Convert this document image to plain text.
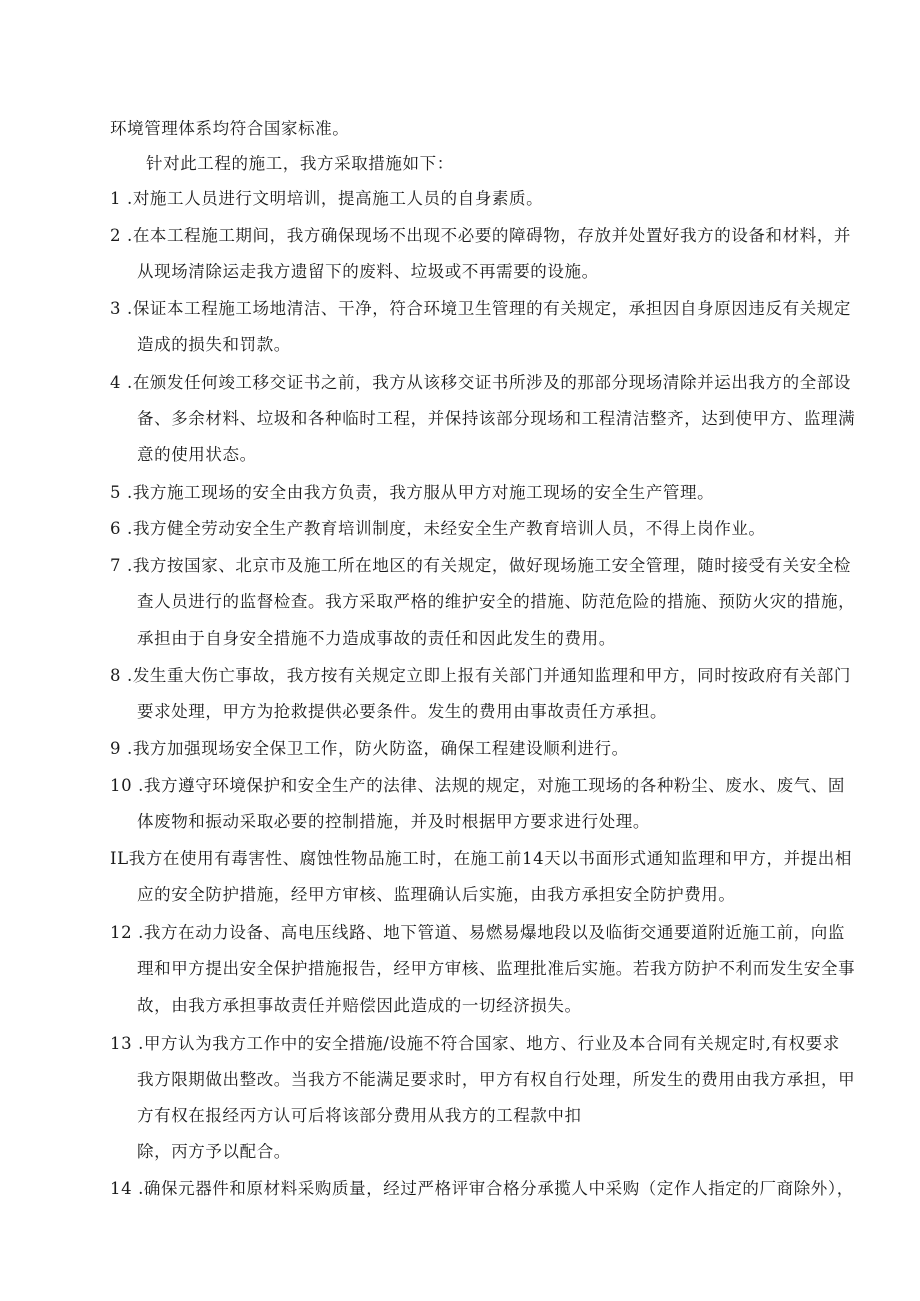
环境管理体系均符合国家标准。
针对此工程的施工，我方采取措施如下：
1 .对施工人员进行文明培训，提高施工人员的自身素质。
2 .在本工程施工期间，我方确保现场不出现不必要的障碍物，存放并处置好我方的设备和材料，并
从现场清除运走我方遗留下的废料、垃圾或不再需要的设施。
3 .保证本工程施工场地清洁、干净，符合环境卫生管理的有关规定，承担因自身原因违反有关规定
造成的损失和罚款。
4 .在颁发任何竣工移交证书之前，我方从该移交证书所涉及的那部分现场清除并运出我方的全部设
备、多余材料、垃圾和各种临时工程，并保持该部分现场和工程清洁整齐，达到使甲方、监理满
意的使用状态。
5 .我方施工现场的安全由我方负责，我方服从甲方对施工现场的安全生产管理。
6 .我方健全劳动安全生产教育培训制度，未经安全生产教育培训人员，不得上岗作业。
7 .我方按国家、北京市及施工所在地区的有关规定，做好现场施工安全管理，随时接受有关安全检
查人员进行的监督检查。我方采取严格的维护安全的措施、防范危险的措施、预防火灾的措施，
承担由于自身安全措施不力造成事故的责任和因此发生的费用。
8 .发生重大伤亡事故，我方按有关规定立即上报有关部门并通知监理和甲方，同时按政府有关部门
要求处理，甲方为抢救提供必要条件。发生的费用由事故责任方承担。
9 .我方加强现场安全保卫工作，防火防盗，确保工程建设顺利进行。
10 .我方遵守环境保护和安全生产的法律、法规的规定，对施工现场的各种粉尘、废水、废气、固
体废物和振动采取必要的控制措施，并及时根据甲方要求进行处理。
IL我方在使用有毒害性、腐蚀性物品施工时，在施工前14天以书面形式通知监理和甲方，并提出相
应的安全防护措施，经甲方审核、监理确认后实施，由我方承担安全防护费用。
12 .我方在动力设备、高电压线路、地下管道、易燃易爆地段以及临街交通要道附近施工前，向监
理和甲方提出安全保护措施报告，经甲方审核、监理批准后实施。若我方防护不利而发生安全事
故，由我方承担事故责任并赔偿因此造成的一切经济损失。
13 .甲方认为我方工作中的安全措施/设施不符合国家、地方、行业及本合同有关规定时,有权要求
我方限期做出整改。当我方不能满足要求时，甲方有权自行处理，所发生的费用由我方承担，甲
方有权在报经丙方认可后将该部分费用从我方的工程款中扣
除，丙方予以配合。
14 .确保元器件和原材料采购质量，经过严格评审合格分承揽人中采购（定作人指定的厂商除外），
